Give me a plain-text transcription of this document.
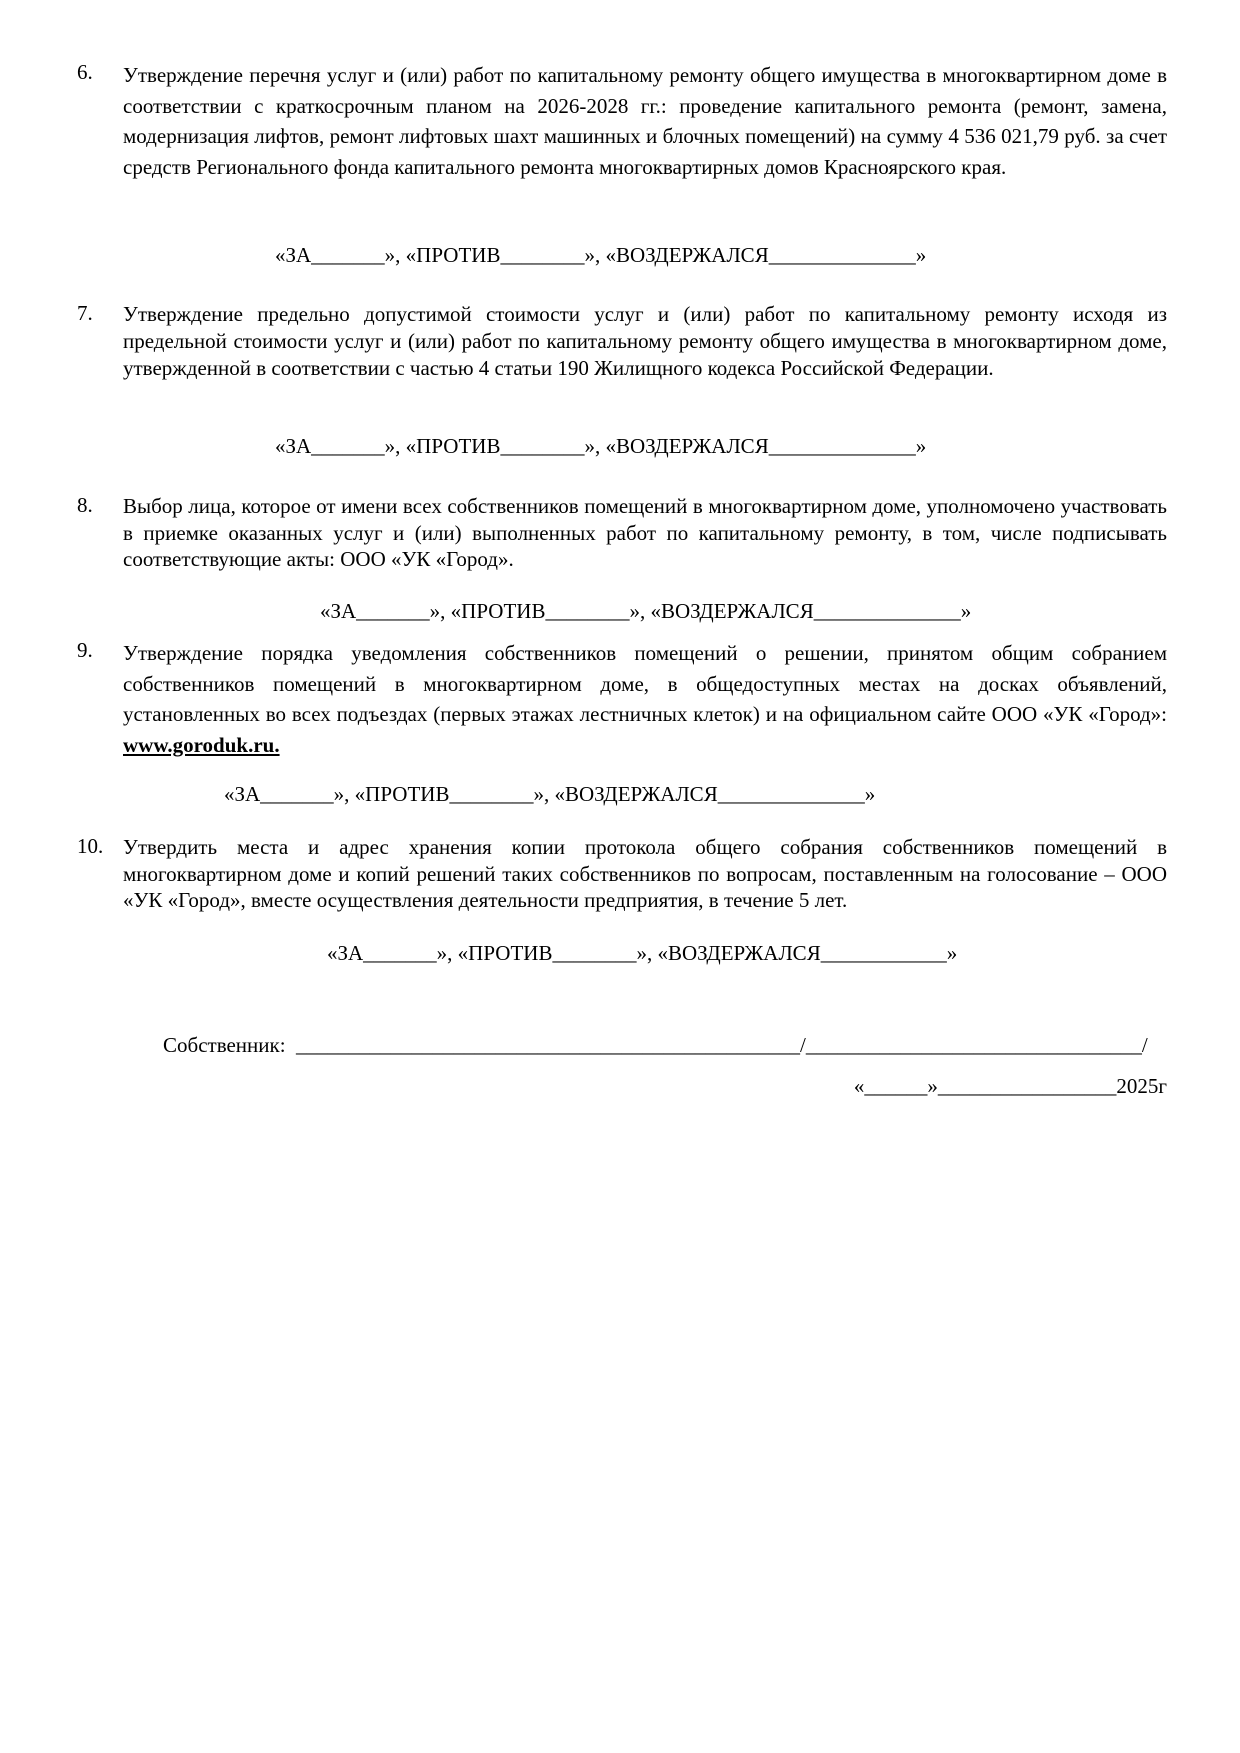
6.	Утверждение перечня услуг и (или) работ по капитальному ремонту общего имущества в многоквартирном доме в соответствии с краткосрочным планом на 2026-2028 гг.: проведение капитального ремонта (ремонт, замена, модернизация лифтов, ремонт лифтовых шахт машинных и блочных помещений) на сумму 4 536 021,79 руб. за счет средств Регионального фонда капитального ремонта многоквартирных домов Красноярского края.
«ЗА_______», «ПРОТИВ________», «ВОЗДЕРЖАЛСЯ______________»
7.	Утверждение предельно допустимой стоимости услуг и (или) работ по капитальному ремонту исходя из предельной стоимости услуг и (или) работ по капитальному ремонту общего имущества в многоквартирном доме, утвержденной в соответствии с частью 4 статьи 190 Жилищного кодекса Российской Федерации.
«ЗА_______», «ПРОТИВ________», «ВОЗДЕРЖАЛСЯ______________»
8.	Выбор лица, которое от имени всех собственников помещений в многоквартирном доме, уполномочено участвовать в приемке оказанных услуг и (или) выполненных работ по капитальному ремонту, в том, числе подписывать соответствующие акты: ООО «УК «Город».
«ЗА_______», «ПРОТИВ________», «ВОЗДЕРЖАЛСЯ______________»
9.	Утверждение порядка уведомления собственников помещений о решении, принятом общим собранием собственников помещений в многоквартирном доме, в общедоступных местах на досках объявлений, установленных во всех подъездах (первых этажах лестничных клеток) и на официальном сайте ООО «УК «Город»: www.goroduk.ru.
«ЗА_______», «ПРОТИВ________», «ВОЗДЕРЖАЛСЯ______________»
10. Утвердить места и адрес хранения копии протокола общего собрания собственников помещений в многоквартирном доме и копий решений таких собственников по вопросам, поставленным на голосование – ООО «УК «Город», вместе осуществления деятельности предприятия, в течение 5 лет.
«ЗА_______», «ПРОТИВ________», «ВОЗДЕРЖАЛСЯ____________»
Собственник:  ________________________________________________/________________________________/
«______»_________________2025г
